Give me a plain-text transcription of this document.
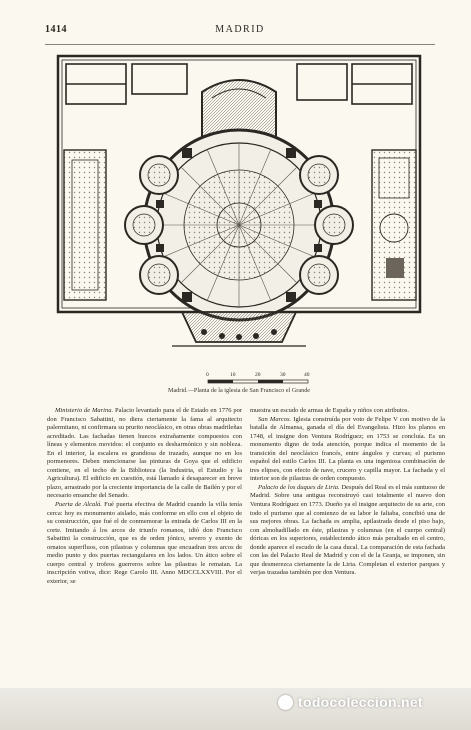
1414	MADRID
0	10	20	30	40
Madrid.—Planta de la iglesia de San Francisco el Grande

Ministerio de Marina. Palacio levantado para el de Estado en 1776 por don Francisco Sabattini, no diera ciertamente la fama al arquitecto palermitano, ni confirmara su prurito neoclásico, en otras obras madrileñas acreditado. Las fachadas tienen huecos extrañamente compuestos con líneas y elementos movidos: el conjunto es desharmónico y sin nobleza. En el interior, la escalera es grandiosa de trazado, aunque no en los pormenores. Deben mencionarse las pinturas de Goya que el edificio contiene, en el techo de la Biblioteca (la Industria, el Estudio y la Agricultura). El edificio en cuestión, está llamado á desaparecer en breve plazo, arrastrado por la creciente importancia de la calle de Bailén y por el necesario ensanche del Senado.

Puerta de Alcalá. Fué puerta efectiva de Madrid cuando la villa tenía cerca: hoy es monumento aislado, más conforme en ello con el objeto de su construcción, que fué el de conmemorar la entrada de Carlos III en la corte. Imitando á los arcos de triunfo romanos, idió don Francisco Sabattini la construcción, que es de orden jónico, severo y exento de ornatos superfluos, con pilastras y columnas que encuadran tres arcos de medio punto y dos puertas rectangulares en los lados. Un ático sobre el cuerpo central y trofeos guerreros sobre las pilastras le rematan. La inscripción votiva, dice: Rege Carolo III. Anno MDCCLXXVIII. Por el exterior, se

muestra un escudo de armas de España y niños con atributos.

San Marcos. Iglesia construída por voto de Felipe V con motivo de la batalla de Almansa, ganada el día del Evangelista. Hizo los planos en 1748, el insigne don Ventura Rodríguez; en 1753 se concluía. Es un monumento digno de toda atención, porque indica el momento de la transición del neoclásico francés, entre ángulos y curvas; el purismo español del estilo Carlos III. La planta es una ingeniosa combinación de tres elipses, con efecto de nave, crucero y capilla mayor. La fachada y el interior son de pilastras de orden compuesto.

Palacio de los duques de Liria. Después del Real es el más suntuoso de Madrid. Sobre una antigua reconstruyó casi totalmente el nuevo don Ventura Rodríguez en 1773. Dueño ya el insigne arquitecto de su arte, con todo el purismo que al comienzo de su labor le faltaba, concibió una de sus mejores obras. La fachada es amplia, apilastrada desde el piso bajo, con almohadillado en éste, pilastras y columnas (en el cuerpo central) dóricas en los superiores, estableciendo ático más peraltado en el centro, donde aparece el escudo de la casa ducal. La comparación de esta fachada con las del Palacio Real de Madrid y con el de la Granja, se imponen, sin que desmerezca ciertamente la de Liria. Completan el exterior parques y verjas trazadas también por don Ventura.

todocoleccion.net
